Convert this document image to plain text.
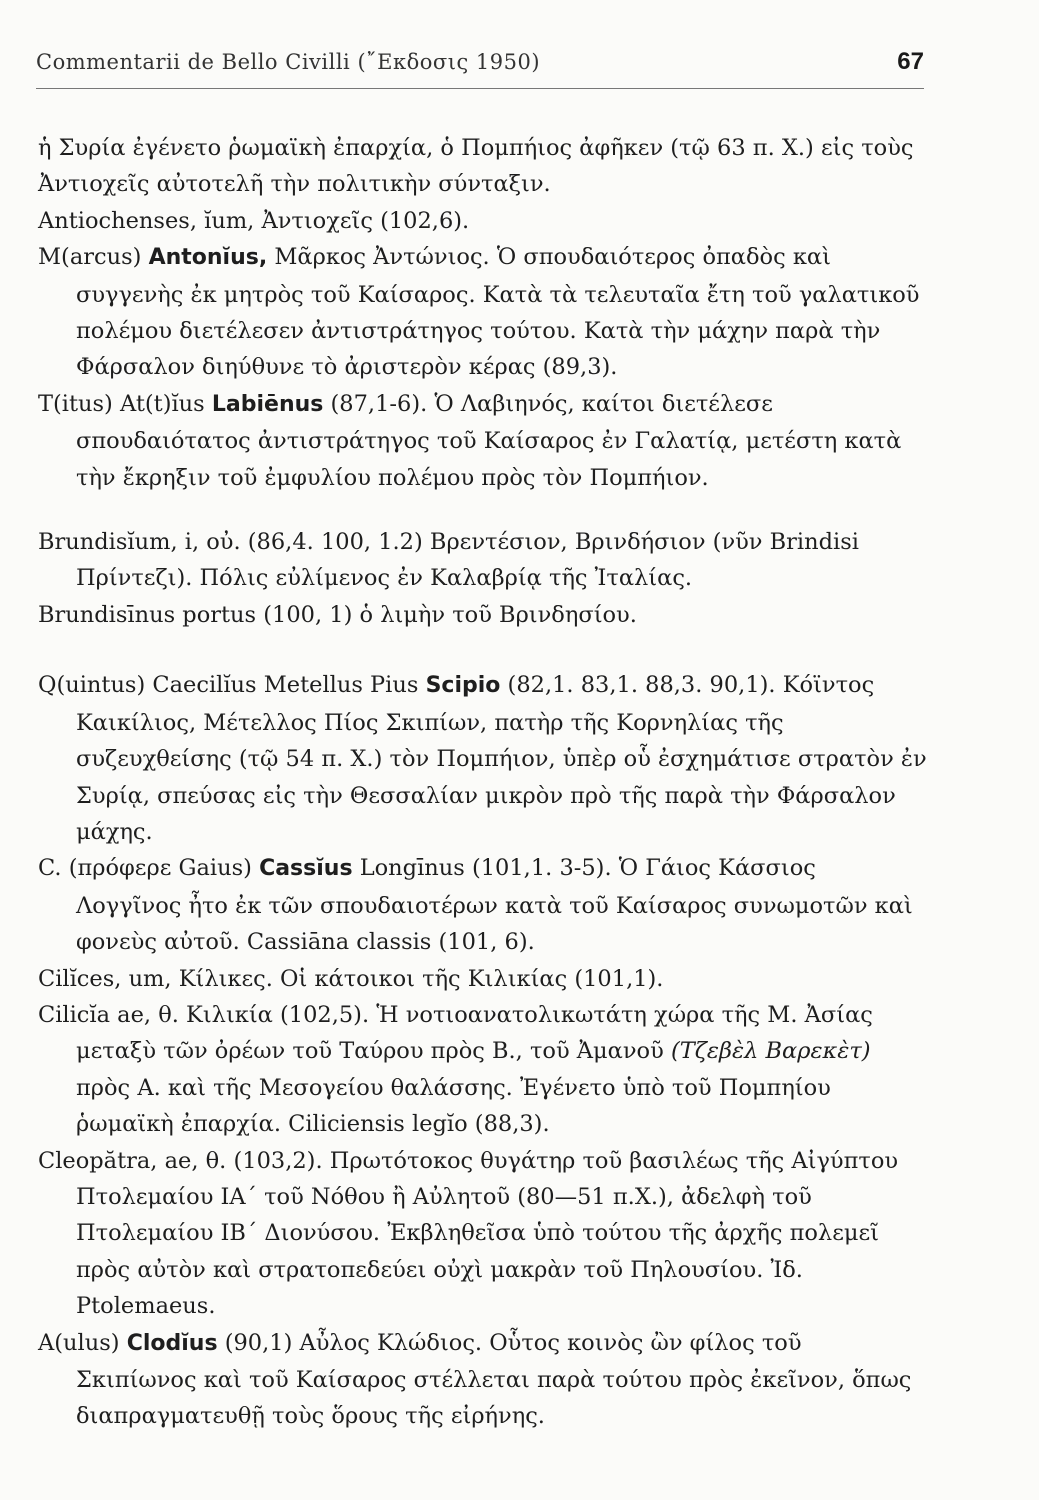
Commentarii de Bello Civilli (῎Εκδοσις 1950)	67

ἡ Συρία ἐγένετο ῥωμαϊκὴ ἐπαρχία, ὁ Πομπήιος ἀφῆκεν (τῷ 63 π. Χ.) εἰς τοὺς Ἀντιοχεῖς αὐτοτελῆ τὴν πολιτικὴν σύνταξιν.

Antiochenses, ĭum, Ἀντιοχεῖς (102,6).

M(arcus) Antonĭus, Μᾶρκος Ἀντώνιος. Ὁ σπουδαιότερος ὀπαδὸς καὶ συγγενὴς ἐκ μητρὸς τοῦ Καίσαρος. Κατὰ τὰ τελευταῖα ἔτη τοῦ γαλατικοῦ πολέμου διετέλεσεν ἀντιστράτηγος τούτου. Κατὰ τὴν μάχην παρὰ τὴν Φάρσαλον διηύθυνε τὸ ἀριστερὸν κέρας (89,3).

T(itus) At(t)ĭus Labiēnus (87,1-6). Ὁ Λαβιηνός, καίτοι διετέλεσε σπουδαιότατος ἀντιστράτηγος τοῦ Καίσαρος ἐν Γαλατίᾳ, μετέστη κατὰ τὴν ἔκρηξιν τοῦ ἐμφυλίου πολέμου πρὸς τὸν Πομπήιον.

Brundisĭum, i, οὐ. (86,4. 100, 1.2) Βρεντέσιον, Βρινδήσιον (νῦν Brindisi Πρίντεζι). Πόλις εὐλίμενος ἐν Καλαβρίᾳ τῆς Ἰταλίας.

Brundisīnus portus (100, 1) ὁ λιμὴν τοῦ Βρινδησίου.

Q(uintus) Caecilĭus Metellus Pius Scipio (82,1. 83,1. 88,3. 90,1). Κόϊντος Καικίλιος, Μέτελλος Πίος Σκιπίων, πατὴρ τῆς Κορνηλίας τῆς συζευχθείσης (τῷ 54 π. Χ.) τὸν Πομπήιον, ὑπὲρ οὗ ἐσχημάτισε στρατὸν ἐν Συρίᾳ, σπεύσας εἰς τὴν Θεσσαλίαν μικρὸν πρὸ τῆς παρὰ τὴν Φάρσαλον μάχης.

C. (πρόφερε Gaius) Cassĭus Longīnus (101,1. 3-5). Ὁ Γάιος Κάσσιος Λογγῖνος ἦτο ἐκ τῶν σπουδαιοτέρων κατὰ τοῦ Καίσαρος συνωμοτῶν καὶ φονεὺς αὐτοῦ. Cassiāna classis (101, 6).

Cilĭces, um, Κίλικες. Οἱ κάτοικοι τῆς Κιλικίας (101,1).

Cilicĭa ae, θ. Κιλικία (102,5). Ἡ νοτιοανατολικωτάτη χώρα τῆς Μ. Ἀσίας μεταξὺ τῶν ὀρέων τοῦ Ταύρου πρὸς Β., τοῦ Ἀμανοῦ (Τζεβὲλ Βαρεκὲτ) πρὸς Α. καὶ τῆς Μεσογείου θαλάσσης. Ἐγένετο ὑπὸ τοῦ Πομπηίου ῥωμαϊκὴ ἐπαρχία. Ciliciensis legĭo (88,3).

Cleopătra, ae, θ. (103,2). Πρωτότοκος θυγάτηρ τοῦ βασιλέως τῆς Αἰγύπτου Πτολεμαίου ΙΑ΄ τοῦ Νόθου ἢ Αὐλητοῦ (80—51 π.Χ.), ἀδελφὴ τοῦ Πτολεμαίου ΙΒ΄ Διονύσου. Ἐκβληθεῖσα ὑπὸ τούτου τῆς ἀρχῆς πολεμεῖ πρὸς αὐτὸν καὶ στρατοπεδεύει οὐχὶ μακρὰν τοῦ Πηλουσίου. Ἰδ. Ptolemaeus.

A(ulus) Clodĭus (90,1) Αὖλος Κλώδιος. Οὗτος κοινὸς ὢν φίλος τοῦ Σκιπίωνος καὶ τοῦ Καίσαρος στέλλεται παρὰ τούτου πρὸς ἐκεῖνον, ὅπως διαπραγματευθῇ τοὺς ὅρους τῆς εἰρήνης.
